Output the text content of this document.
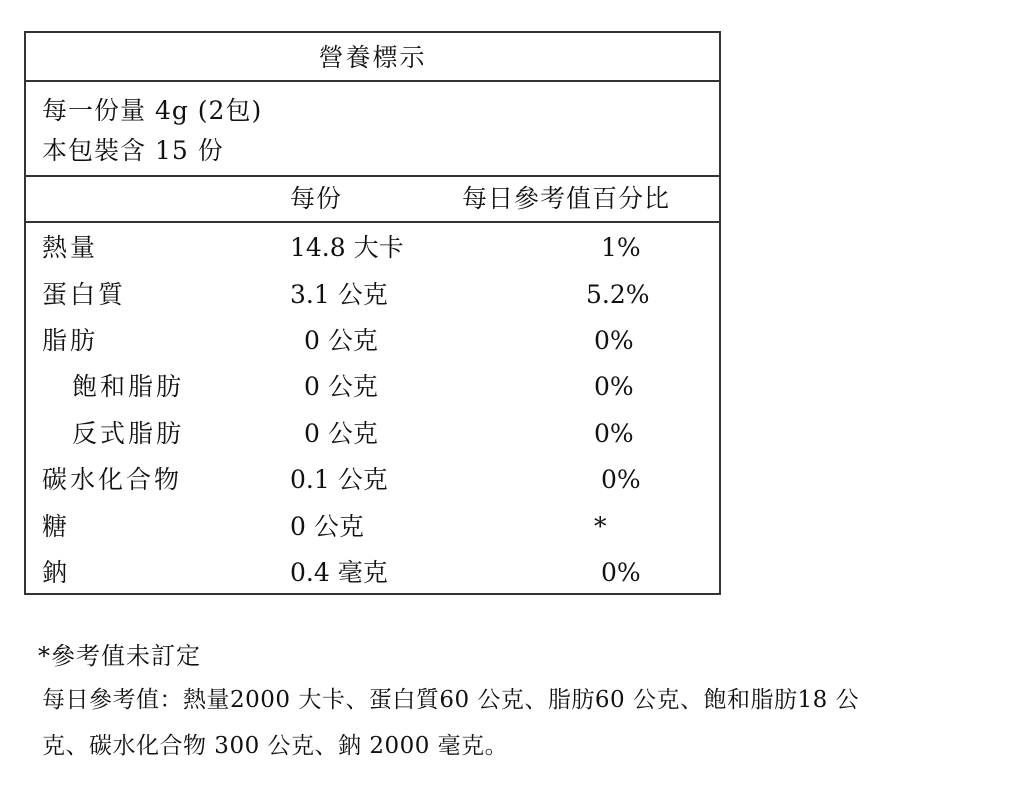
營養標示
每一份量 4g (2包)
本包裝含 15 份
每份	每日參考值百分比
熱量	14.8 大卡	1%
蛋白質	3.1 公克	5.2%
脂肪	0 公克	0%
飽和脂肪	0 公克	0%
反式脂肪	0 公克	0%
碳水化合物	0.1 公克	0%
糖	0 公克	*
鈉	0.4 毫克	0%
*參考值未訂定
每日參考值：熱量2000 大卡、蛋白質60 公克、脂肪60 公克、飽和脂肪18 公
克、碳水化合物 300 公克、鈉 2000 毫克。
